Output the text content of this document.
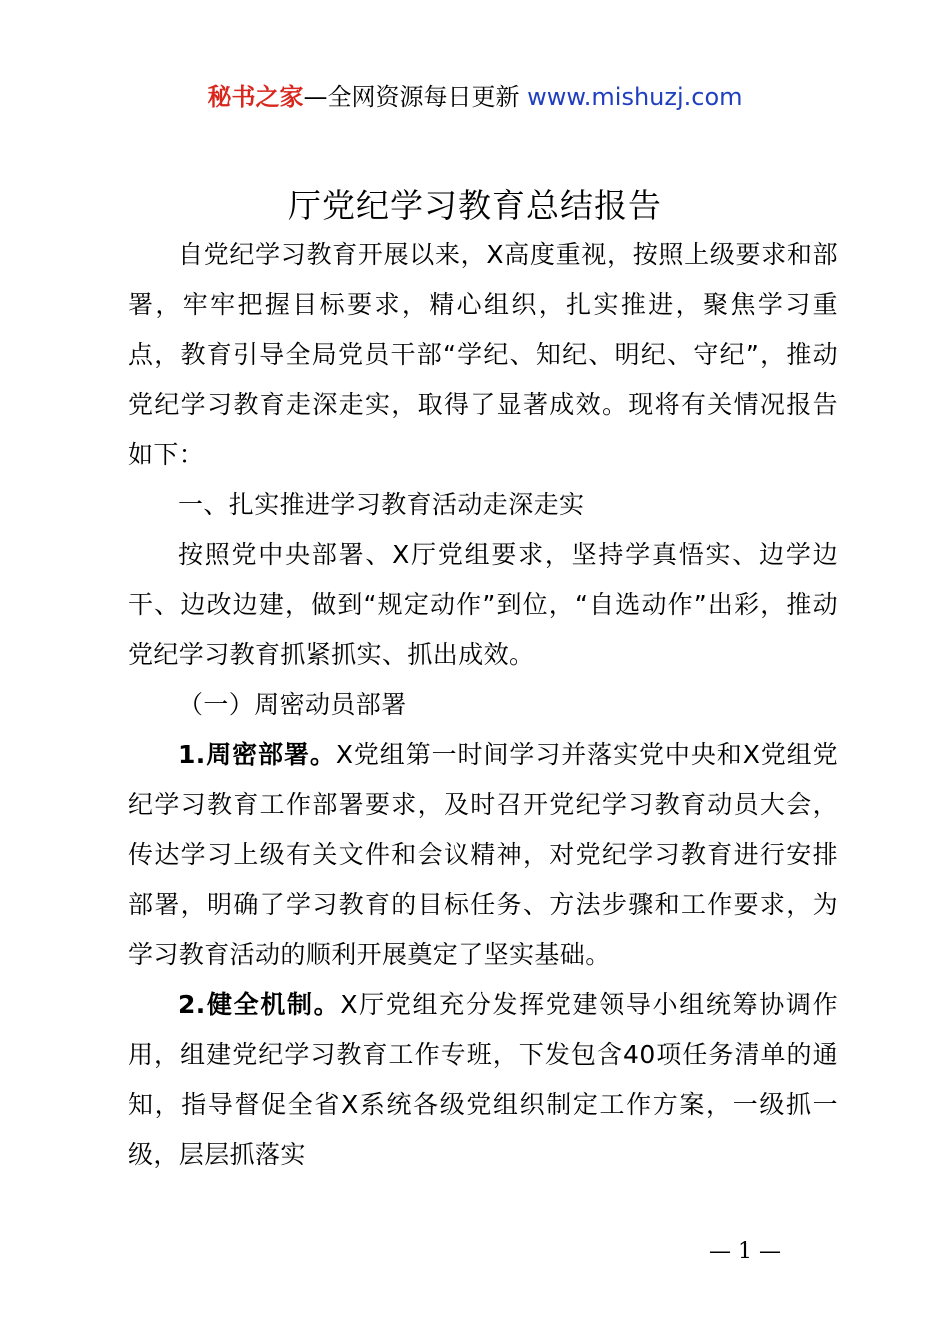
秘书之家—全网资源每日更新 www.mishuzj.com
厅党纪学习教育总结报告

自党纪学习教育开展以来，X高度重视，按照上级要求和部署，牢牢把握目标要求，精心组织，扎实推进，聚焦学习重点，教育引导全局党员干部“学纪、知纪、明纪、守纪”，推动党纪学习教育走深走实，取得了显著成效。现将有关情况报告如下：

一、扎实推进学习教育活动走深走实

按照党中央部署、X厅党组要求，坚持学真悟实、边学边干、边改边建，做到“规定动作”到位，“自选动作”出彩，推动党纪学习教育抓紧抓实、抓出成效。

（一）周密动员部署

1.周密部署。X党组第一时间学习并落实党中央和X党组党纪学习教育工作部署要求，及时召开党纪学习教育动员大会，传达学习上级有关文件和会议精神，对党纪学习教育进行安排部署，明确了学习教育的目标任务、方法步骤和工作要求，为学习教育活动的顺利开展奠定了坚实基础。

2.健全机制。X厅党组充分发挥党建领导小组统筹协调作用，组建党纪学习教育工作专班，下发包含40项任务清单的通知，指导督促全省X系统各级党组织制定工作方案，一级抓一级，层层抓落实

— 1 —
